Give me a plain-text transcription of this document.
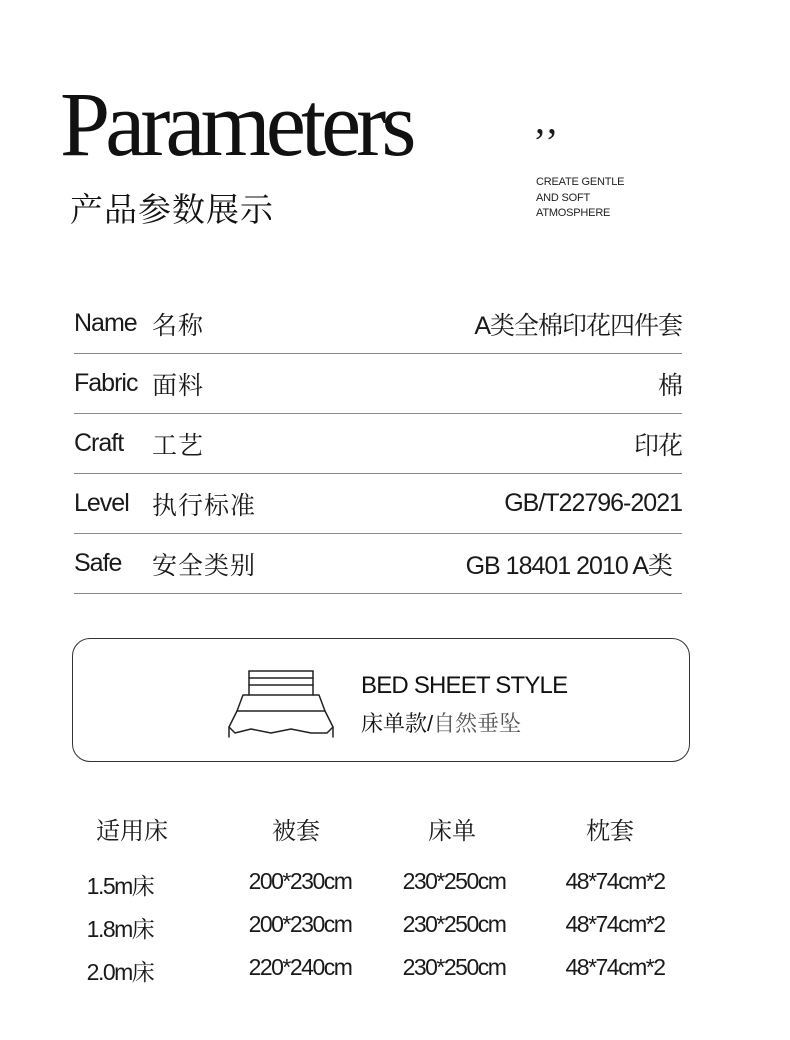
Parameters
产品参数展示
,,
CREATE GENTLE
AND SOFT
ATMOSPHERE
Name 名称	A类全棉印花四件套
Fabric 面料	棉
Craft 工艺	印花
Level 执行标准	GB/T22796-2021
Safe 安全类别	GB 18401 2010 A类
BED SHEET STYLE
床单款/自然垂坠
适用床	被套	床单	枕套
1.5m床	200*230cm	230*250cm	48*74cm*2
1.8m床	200*230cm	230*250cm	48*74cm*2
2.0m床	220*240cm	230*250cm	48*74cm*2
